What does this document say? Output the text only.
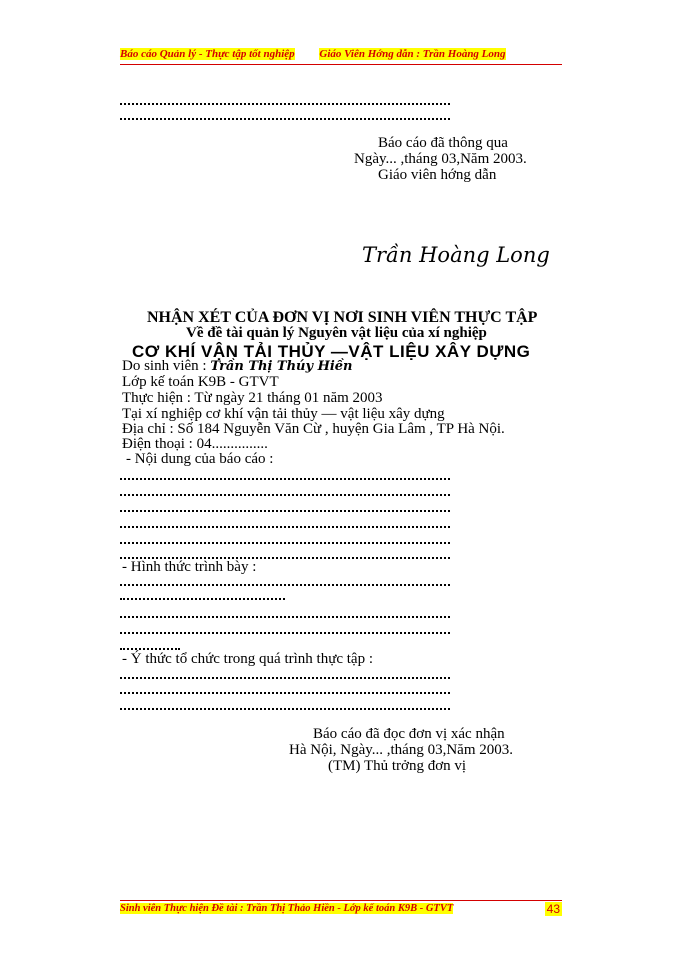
Báo cáo Quản lý - Thực tập tốt nghiệp Giáo Viên Hớng dẫn : Trần Hoàng Long
Báo cáo đã thông qua
Ngày... ,tháng 03,Năm 2003.
Giáo viên hớng dẫn
Trần Hoàng Long
NHẬN XÉT CỦA ĐƠN VỊ NƠI SINH VIÊN THỰC TẬP
Về đề tài quản lý Nguyên vật liệu của xí nghiệp
CƠ KHÍ VẬN TẢI THỦY —VẬT LIỆU XÂY DỰNG
Do sinh viên : Trần Thị Thúy Hiền
Lớp kế toán K9B - GTVT
Thực hiện : Từ ngày 21 tháng 01 năm 2003
Tại xí nghiệp cơ khí vận tải thủy — vật liệu xây dựng
Địa chỉ : Số 184 Nguyễn Văn Cừ , huyện Gia Lâm , TP Hà Nội.
Điện thoại : 04...............
- Nội dung của báo cáo :
- Hình thức trình bày :
- Ý thức tổ chức trong quá trình thực tập :
Báo cáo đã đọc đơn vị xác nhận
Hà Nội, Ngày... ,tháng 03,Năm 2003.
(TM) Thủ trởng đơn vị
Sinh viên Thực hiện Đề tài : Trần Thị Thảo Hiền - Lớp kế toán K9B - GTVT	43
